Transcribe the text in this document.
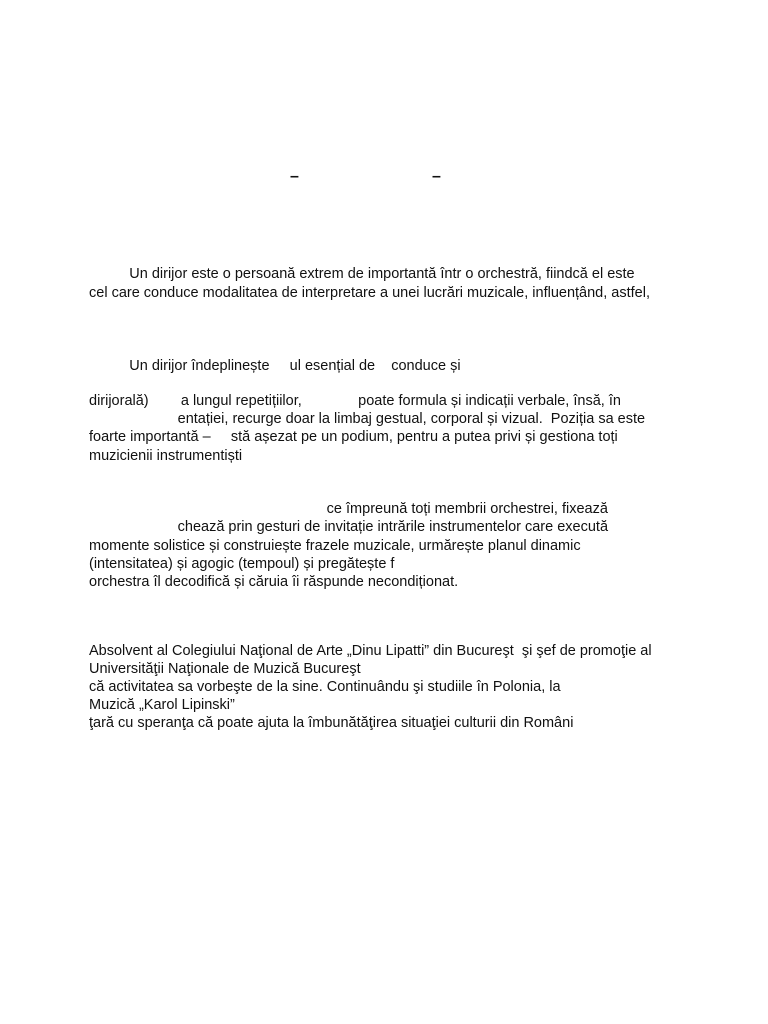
–	–
Un dirijor este o persoană extrem de importantă într o orchestră, fiindcă el este
cel care conduce modalitatea de interpretare a unei lucrări muzicale, influențând, astfel,
Un dirijor îndeplinește     ul esențial de    conduce și
dirijorală)        a lungul repetițiilor,              poate formula și indicații verbale, însă, în
entației, recurge doar la limbaj gestual, corporal și vizual.  Poziția sa este
foarte importantă –     stă așezat pe un podium, pentru a putea privi și gestiona toți
muzicienii instrumentiști
ce împreună toți membrii orchestrei, fixează
chează prin gesturi de invitație intrările instrumentelor care execută
momente solistice și construiește frazele muzicale, urmărește planul dinamic
(intensitatea) și agogic (tempoul) și pregătește f
orchestra îl decodifică și căruia îi răspunde necondiționat.
Absolvent al Colegiului Naţional de Arte „Dinu Lipatti” din Bucureşt  şi şef de promoţie al
Universităţii Naţionale de Muzică Bucureşt
că activitatea sa vorbeşte de la sine. Continuându şi studiile în Polonia, la
Muzică „Karol Lipinski”
ţară cu speranţa că poate ajuta la îmbunătăţirea situaţiei culturii din Români
